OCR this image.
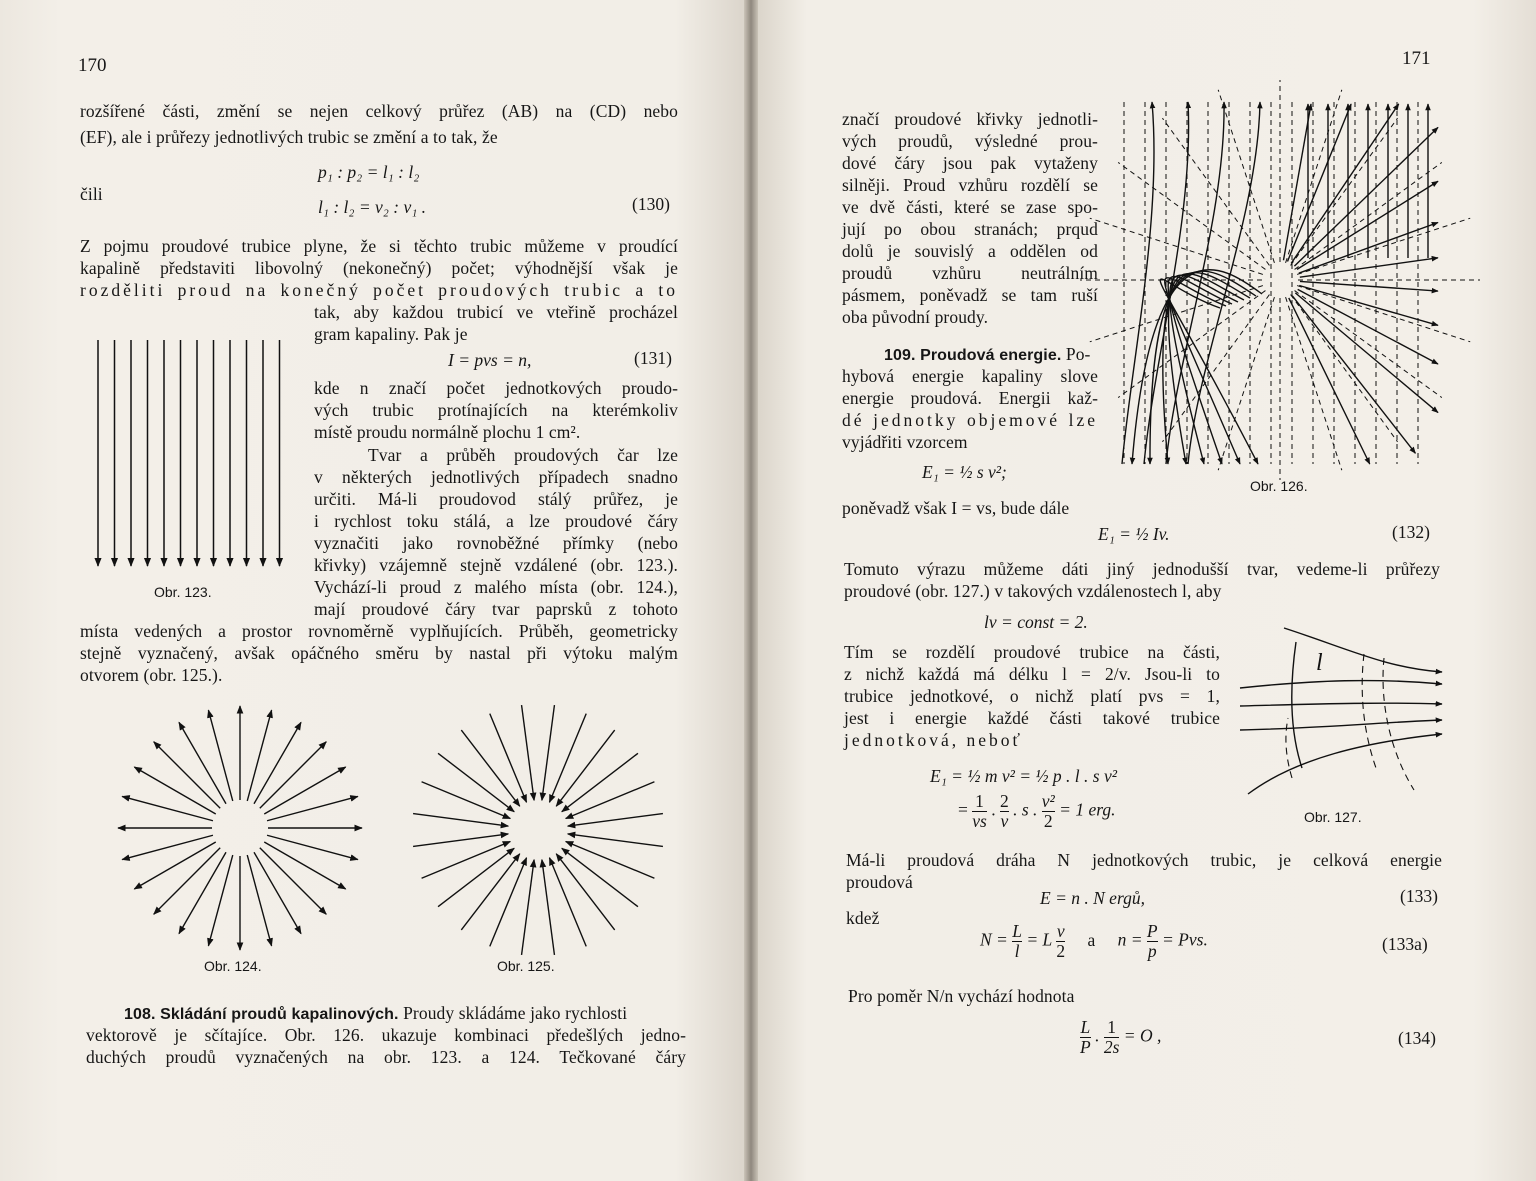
170
rozšířené části, změní se nejen celkový průřez (AB) na (CD) nebo
(EF), ale i průřezy jednotlivých trubic se změní a to tak, že
p₁ : p₂ = l₁ : l₂
čili
l₁ : l₂ = v₂ : v₁ .	(130)
Z pojmu proudové trubice plyne, že si těchto trubic můžeme v proudící
kapalině představiti libovolný (nekonečný) počet; výhodnější však je
rozděliti proud na konečný počet proudových trubic a to
tak, aby každou trubicí ve vteřině procházel
gram kapaliny. Pak je
I = pvs = n,	(131)
kde n značí počet jednotkových proudo-
vých trubic protínajících na kterémkoliv
místě proudu normálně plochu 1 cm².
Tvar a průběh proudových čar lze
v některých jednotlivých případech snadno
určiti. Má-li proudovod stálý průřez, je
i rychlost toku stálá, a lze proudové čáry
vyznačiti jako rovnoběžné přímky (nebo
křivky) vzájemně stejně vzdálené (obr. 123.).
Vychází-li proud z malého místa (obr. 124.),
mají proudové čáry tvar paprsků z tohoto
místa vedených a prostor rovnoměrně vyplňujících. Průběh, geometricky
stejně vyznačený, avšak opáčného směru by nastal při výtoku malým
otvorem (obr. 125.).
Obr. 123.
Obr. 124.	Obr. 125.
108. Skládání proudů kapalinových. Proudy skládáme jako rychlosti
vektorově je sčítajíce. Obr. 126. ukazuje kombinaci předešlých jedno-
duchých proudů vyznačených na obr. 123. a 124. Tečkované čáry
171
značí proudové křivky jednotli-
vých proudů, výsledné prou-
dové čáry jsou pak vytaženy
silněji. Proud vzhůru rozdělí se
ve dvě části, které se zase spo-
jují po obou stranách; prqud
dolů je souvislý a oddělen od
proudů vzhůru neutrálním
pásmem, poněvadž se tam ruší
oba původní proudy.
109. Proudová energie. Po-
hybová energie kapaliny slove
energie proudová. Energii kaž-
dé jednotky objemové lze
vyjádřiti vzorcem
E₁ = ½ s v²;
Obr. 126.
poněvadž však I = vs, bude dále
E₁ = ½ Iv.	(132)
Tomuto výrazu můžeme dáti jiný jednodušší tvar, vedeme-li průřezy
proudové (obr. 127.) v takových vzdálenostech l, aby
lv = const = 2.
Tím se rozdělí proudové trubice na části,
z nichž každá má délku l = 2/v. Jsou-li to
trubice jednotkové, o nichž platí pvs = 1,
jest i energie každé části takové trubice
jednotková, neboť
E₁ = ½ m v² = ½ p . l . s v²
= $\frac{1}{vs}$ . $\frac{2}{v}$ . s . $\frac{\text{v²}}{2} = 1$ erg.
l
Obr. 127.
Má-li proudová dráha N jednotkových trubic, je celková energie
proudová
E = n . N ergů,	(133)
kdež
$N = \frac{L}{l} = L \frac{v}{2}$ a $n = \frac{P}{p}$ = Pvs.	(133a)
Pro poměr N/n vychází hodnota
$\frac{L}{P}$ . $\frac{1}{2s} = O$ ,	(134)
